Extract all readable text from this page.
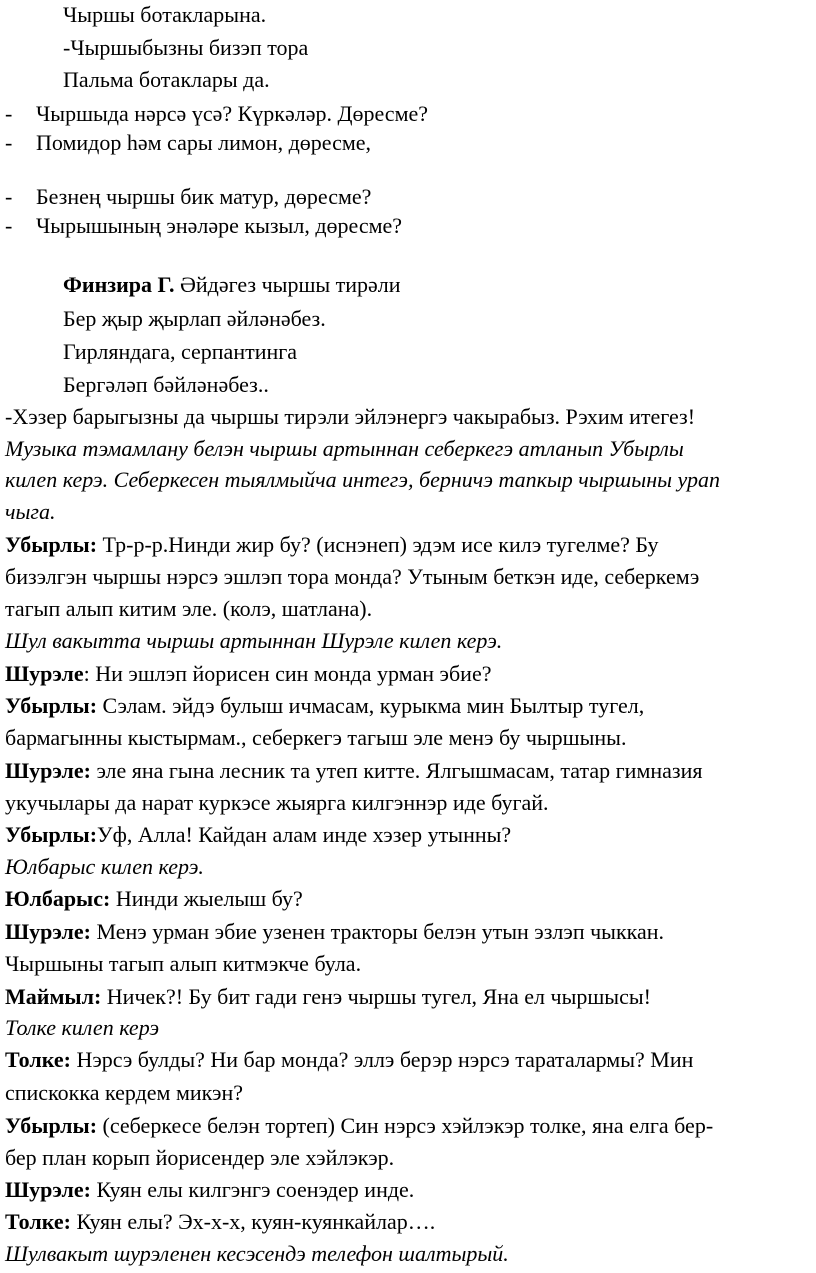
Чыршы ботакларына.
-Чыршыбызны бизэп тора
Пальма ботаклары да.
- Чыршыда нәрсә үсә? Күркәләр. Дөресме?
- Помидор һәм сары лимон, дөресме,
- Безнең чыршы бик матур, дөресме?
- Чырышының энәләре кызыл, дөресме?
Финзира Г. Әйдәгез чыршы тирәли
Бер җыр җырлап әйләнәбез.
Гирляндага, серпантинга
Бергәләп бәйләнәбез..
-Хэзер барыгызны да чыршы тирэли эйлэнергэ чакырабыз. Рэхим итегез!
Музыка тэмамлану белэн чыршы артыннан себеркегэ атланып Убырлы
килеп керэ. Себеркесен тыялмыйча интегэ, берничэ тапкыр чыршыны урап
чыга.
Убырлы: Тр-р-р.Нинди жир бу? (иснэнеп) эдэм исе килэ тугелме? Бу
бизэлгэн чыршы нэрсэ эшлэп тора монда? Утыным беткэн иде, себеркемэ
тагып алып китим эле. (колэ, шатлана).
Шул вакытта чыршы артыннан Шурэле килеп керэ.
Шурэле: Ни эшлэп йорисен син монда урман эбие?
Убырлы: Сэлам. эйдэ булыш ичмасам, курыкма мин Былтыр тугел,
бармагынны кыстырмам., себеркегэ тагыш эле менэ бу чыршыны.
Шурэле: эле яна гына лесник та утеп китте. Ялгышмасам, татар гимназия
укучылары да нарат куркэсе жыярга килгэннэр иде бугай.
Убырлы:Уф, Алла! Кайдан алам инде хэзер утынны?
Юлбарыс килеп керэ.
Юлбарыс: Нинди жыелыш бу?
Шурэле: Менэ урман эбие узенен тракторы белэн утын эзлэп чыккан.
Чыршыны тагып алып китмэкче була.
Маймыл: Ничек?! Бу бит гади генэ чыршы тугел, Яна ел чыршысы!
Толке килеп керэ
Толке: Нэрсэ булды? Ни бар монда? эллэ берэр нэрсэ тараталармы? Мин
спискокка кердем микэн?
Убырлы: (себеркесе белэн тортеп) Син нэрсэ хэйлэкэр толке, яна елга бер-
бер план корып йорисендер эле хэйлэкэр.
Шурэле: Куян елы килгэнгэ соенэдер инде.
Толке: Куян елы? Эх-х-х, куян-куянкайлар….
Шулвакыт шурэленен кесэсендэ телефон шалтырый.
